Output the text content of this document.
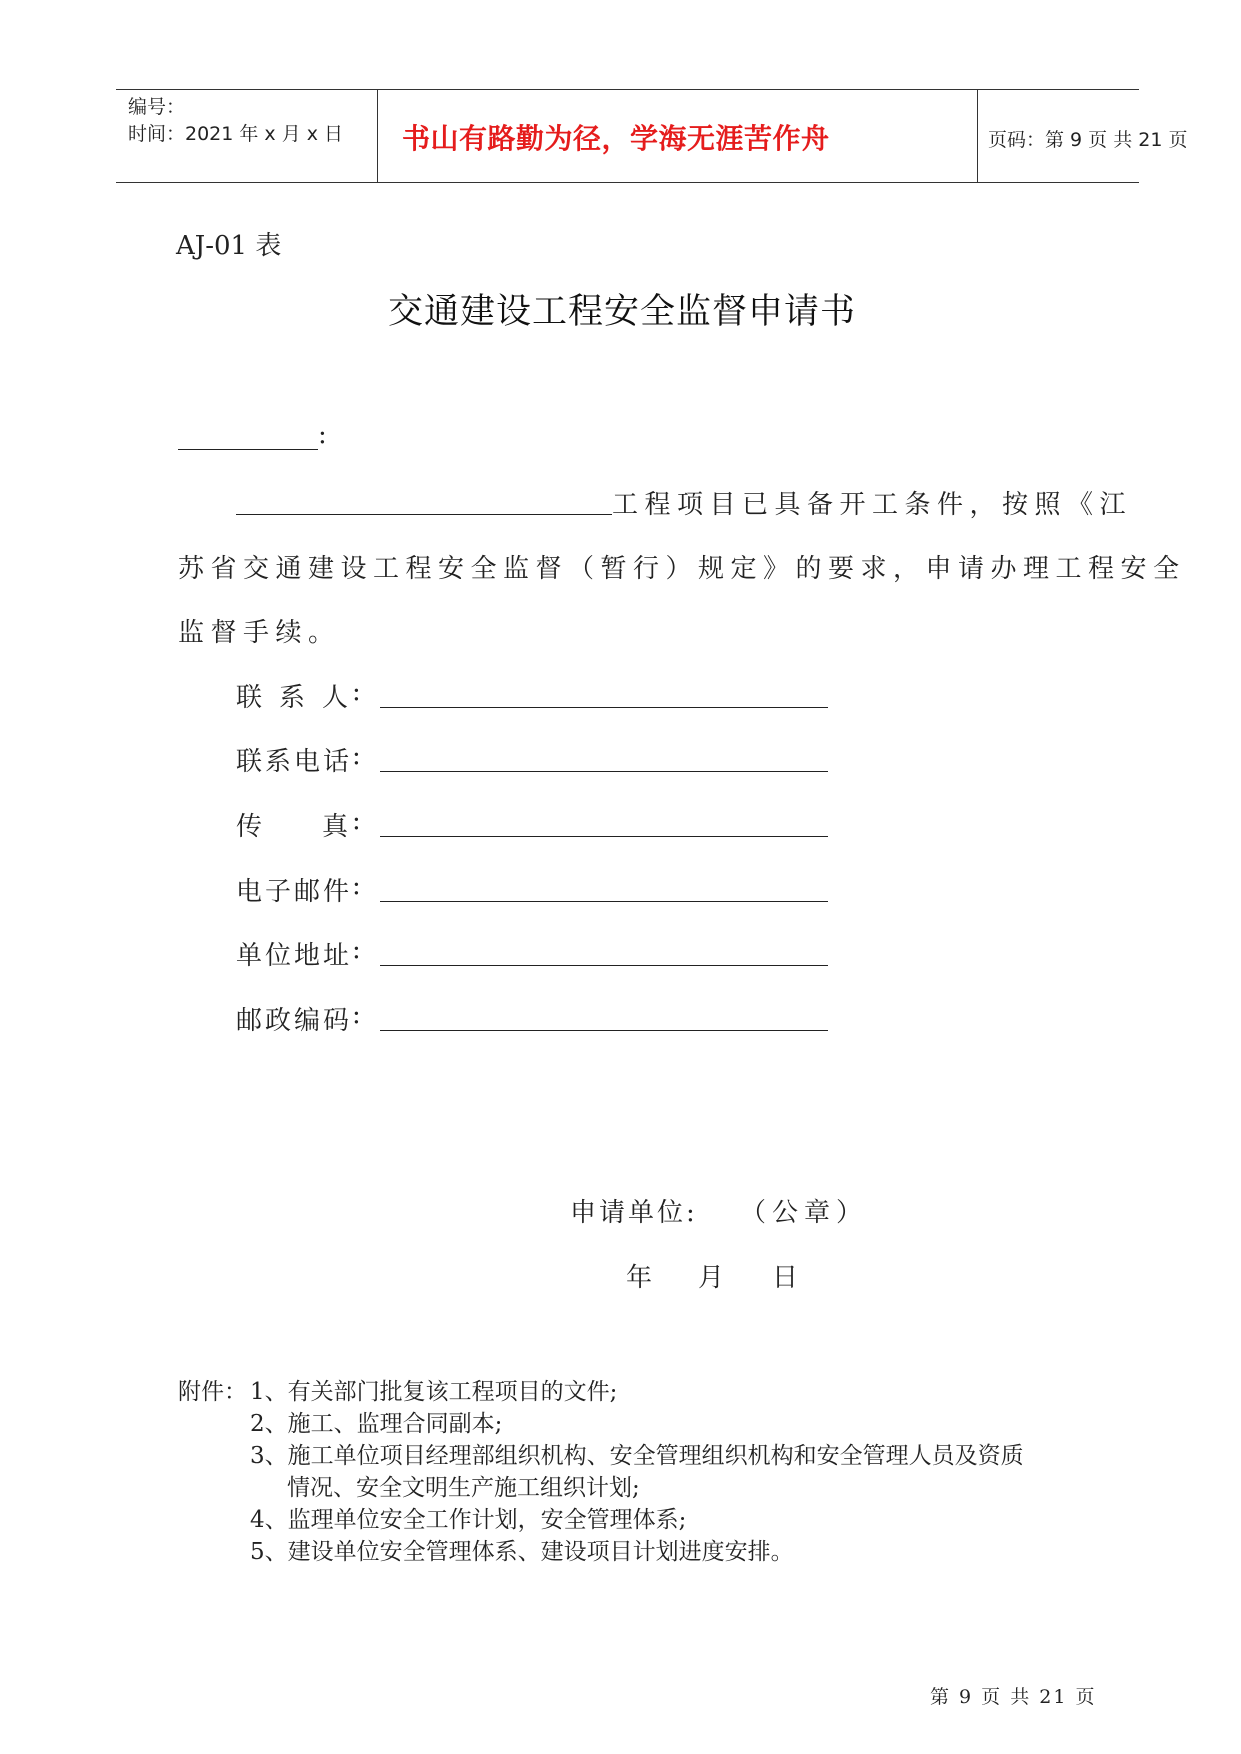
编号：
时间：2021 年 x 月 x 日 书山有路勤为径，学海无涯苦作舟	页码：第 9 页 共 21 页
AJ-01 表
交通建设工程安全监督申请书
:
工程项目已具备开工条件，按照《江
苏省交通建设工程安全监督（暂行）规定》的要求，申请办理工程安全
监督手续。
联 系 人 :
联 系 电 话 :
传 真 :
电 子 邮 件 :
单 位 地 址 :
邮 政 编 码 :
申请单位: （公章）
年 月 日
附件： 1、有关部门批复该工程项目的文件;
2、施工、监理合同副本;
3、施工单位项目经理部组织机构、安全管理组织机构和安全管理人员及资质
情况、安全文明生产施工组织计划;
4、监理单位安全工作计划，安全管理体系;
5、建设单位安全管理体系、建设项目计划进度安排。
第 9 页 共 21 页
